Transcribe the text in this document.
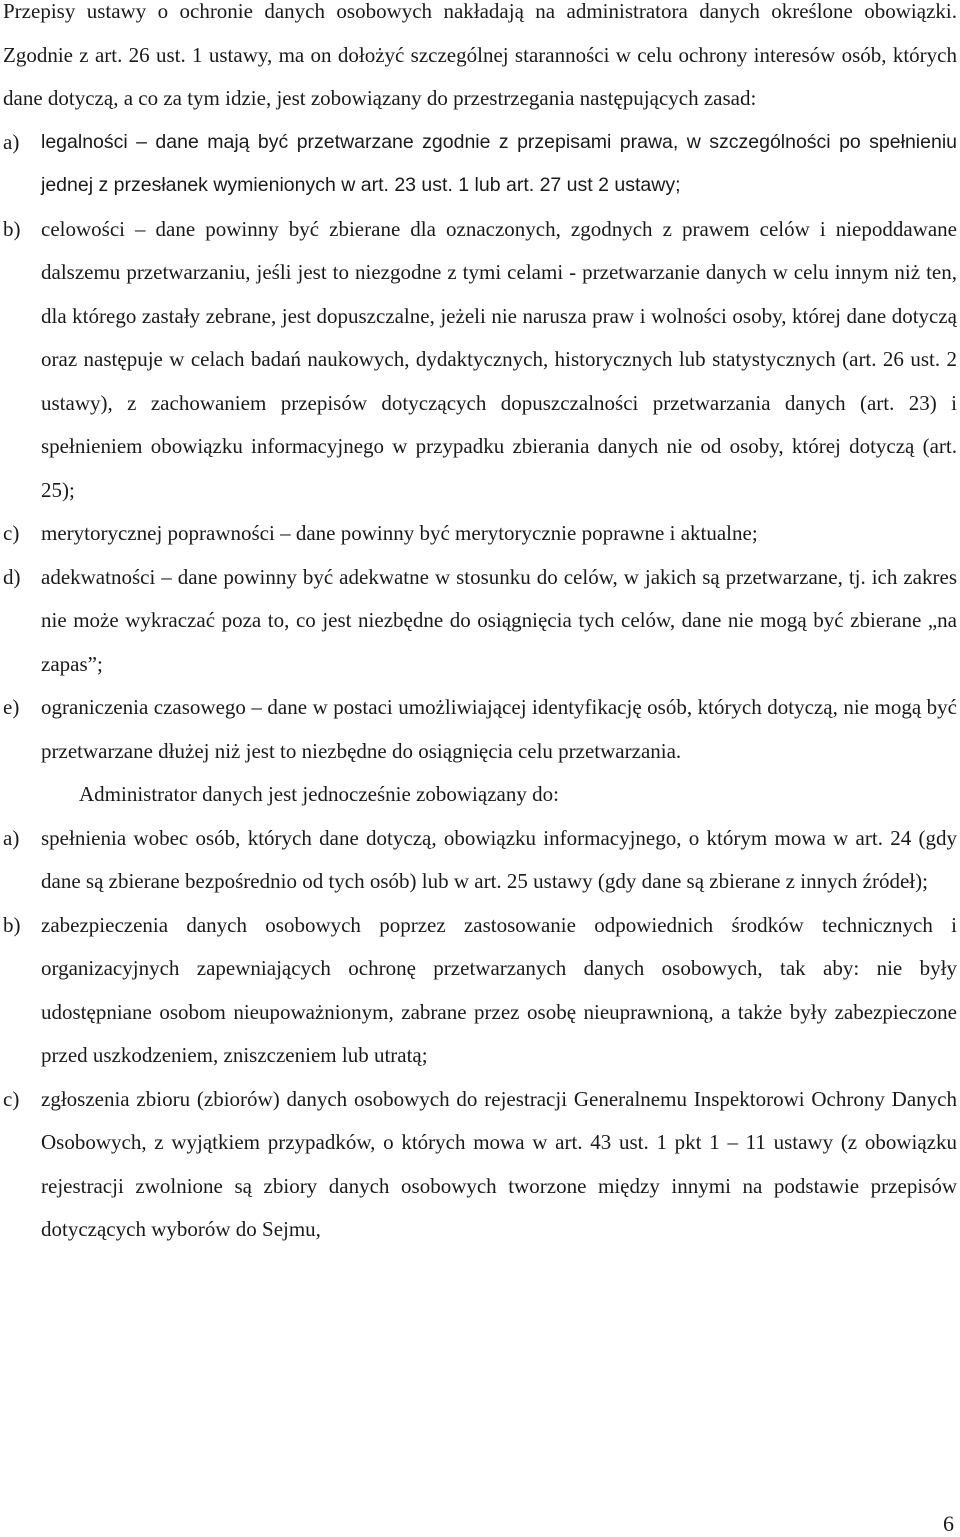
Przepisy ustawy o ochronie danych osobowych nakładają na administratora danych określone obowiązki. Zgodnie z art. 26 ust. 1 ustawy, ma on dołożyć szczególnej staranności w celu ochrony interesów osób, których dane dotyczą, a co za tym idzie, jest zobowiązany do przestrzegania następujących zasad:

a)	legalności – dane mają być przetwarzane zgodnie z przepisami prawa, w szczególności po spełnieniu jednej z przesłanek wymienionych w art. 23 ust. 1 lub art. 27 ust 2 ustawy;
b) celowości – dane powinny być zbierane dla oznaczonych, zgodnych z prawem celów i niepoddawane dalszemu przetwarzaniu, jeśli jest to niezgodne z tymi celami - przetwarzanie danych w celu innym niż ten, dla którego zastały zebrane, jest dopuszczalne, jeżeli nie narusza praw i wolności osoby, której dane dotyczą oraz następuje w celach badań naukowych, dydaktycznych, historycznych lub statystycznych (art. 26 ust. 2 ustawy), z zachowaniem przepisów dotyczących dopuszczalności przetwarzania danych (art. 23) i spełnieniem obowiązku informacyjnego w przypadku zbierania danych nie od osoby, której dotyczą (art. 25);
c)	merytorycznej poprawności – dane powinny być merytorycznie poprawne i aktualne;
d) adekwatności – dane powinny być adekwatne w stosunku do celów, w jakich są przetwarzane, tj. ich zakres nie może wykraczać poza to, co jest niezbędne do osiągnięcia tych celów, dane nie mogą być zbierane „na zapas”;
e)	ograniczenia czasowego – dane w postaci umożliwiającej identyfikację osób, których dotyczą, nie mogą być przetwarzane dłużej niż jest to niezbędne do osiągnięcia celu przetwarzania.

Administrator danych jest jednocześnie zobowiązany do:

a)	spełnienia wobec osób, których dane dotyczą, obowiązku informacyjnego, o którym mowa w art. 24 (gdy dane są zbierane bezpośrednio od tych osób) lub w art. 25 ustawy (gdy dane są zbierane z innych źródeł);
b) zabezpieczenia danych osobowych poprzez zastosowanie odpowiednich środków technicznych i organizacyjnych zapewniających ochronę przetwarzanych danych osobowych, tak aby: nie były udostępniane osobom nieupoważnionym, zabrane przez osobę nieuprawnioną, a także były zabezpieczone przed uszkodzeniem, zniszczeniem lub utratą;
c)	zgłoszenia zbioru (zbiorów) danych osobowych do rejestracji Generalnemu Inspektorowi Ochrony Danych Osobowych, z wyjątkiem przypadków, o których mowa w art. 43 ust. 1 pkt 1 – 11 ustawy (z obowiązku rejestracji zwolnione są zbiory danych osobowych tworzone między innymi na podstawie przepisów dotyczących wyborów do Sejmu,
6
